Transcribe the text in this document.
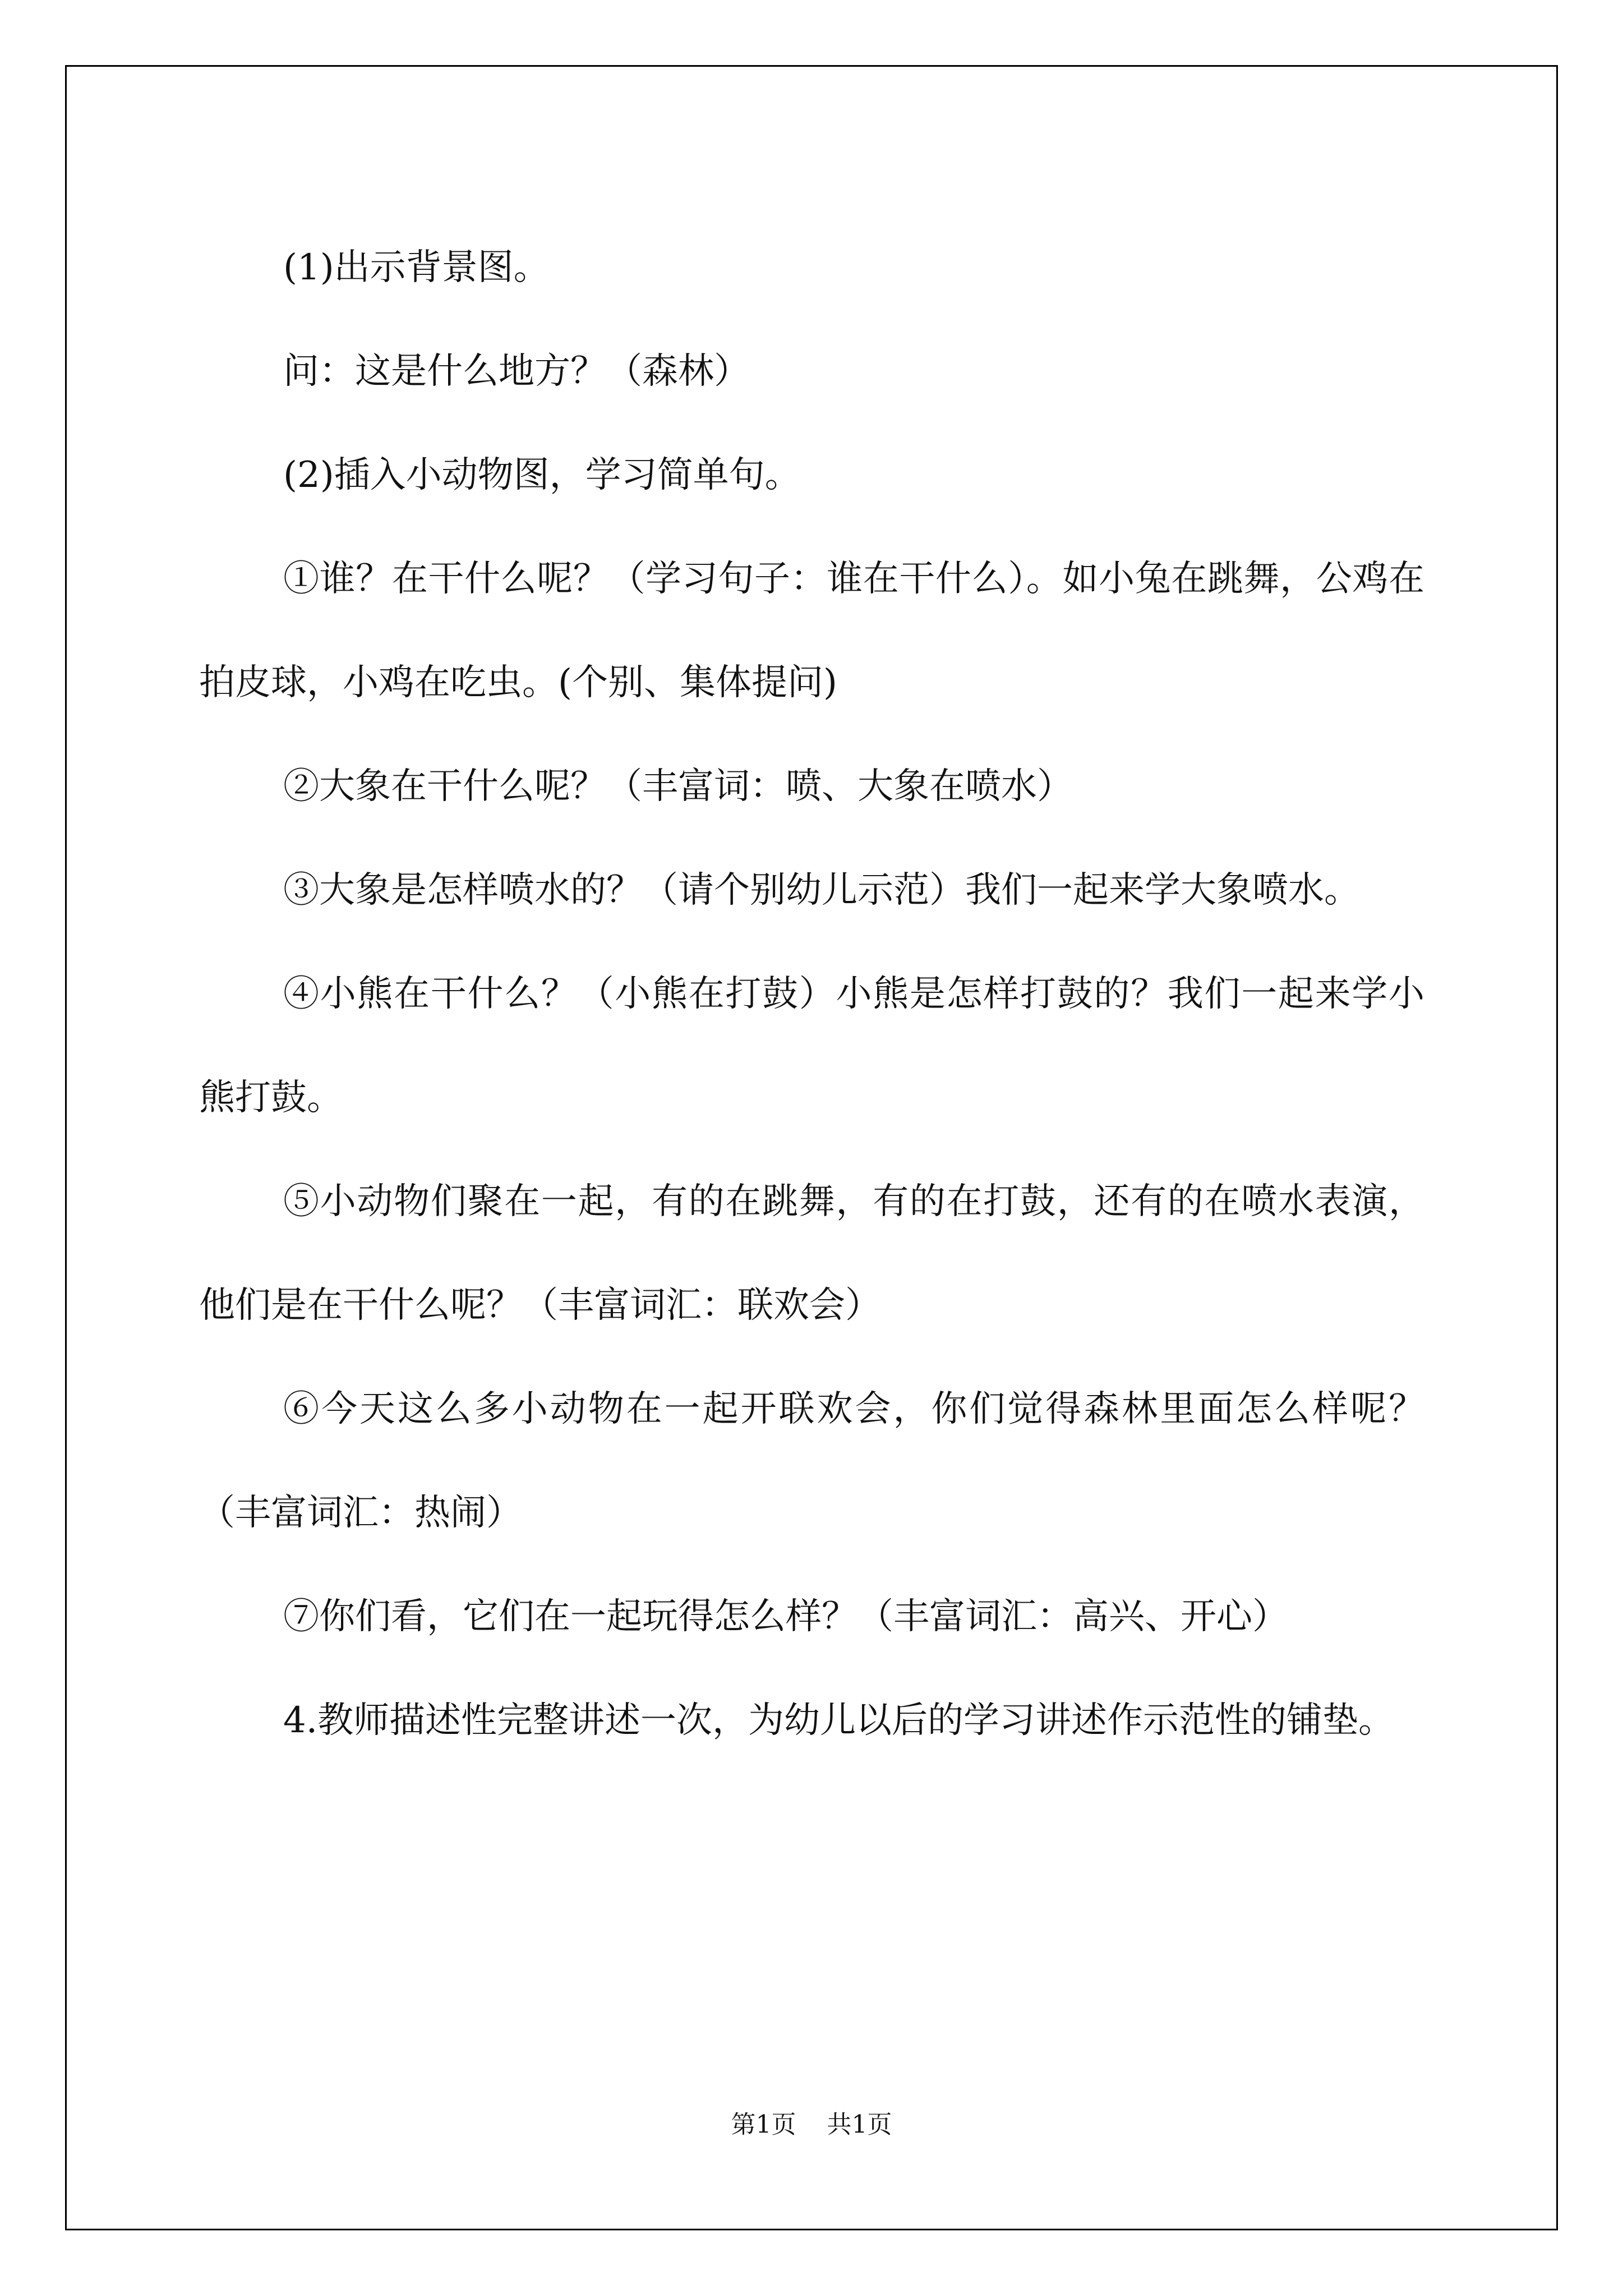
(1)出示背景图。

问：这是什么地方？（森林）

(2)插入小动物图，学习简单句。

①谁？在干什么呢？（学习句子：谁在干什么）。如小兔在跳舞，公鸡在拍皮球，小鸡在吃虫。(个别、集体提问)

②大象在干什么呢？（丰富词：喷、大象在喷水）

③大象是怎样喷水的？（请个别幼儿示范）我们一起来学大象喷水。

④小熊在干什么？（小熊在打鼓）小熊是怎样打鼓的？我们一起来学小熊打鼓。

⑤小动物们聚在一起，有的在跳舞，有的在打鼓，还有的在喷水表演，他们是在干什么呢？（丰富词汇：联欢会）

⑥今天这么多小动物在一起开联欢会，你们觉得森林里面怎么样呢？（丰富词汇：热闹）

⑦你们看，它们在一起玩得怎么样？（丰富词汇：高兴、开心）

4.教师描述性完整讲述一次，为幼儿以后的学习讲述作示范性的铺垫。

第1页 共1页
